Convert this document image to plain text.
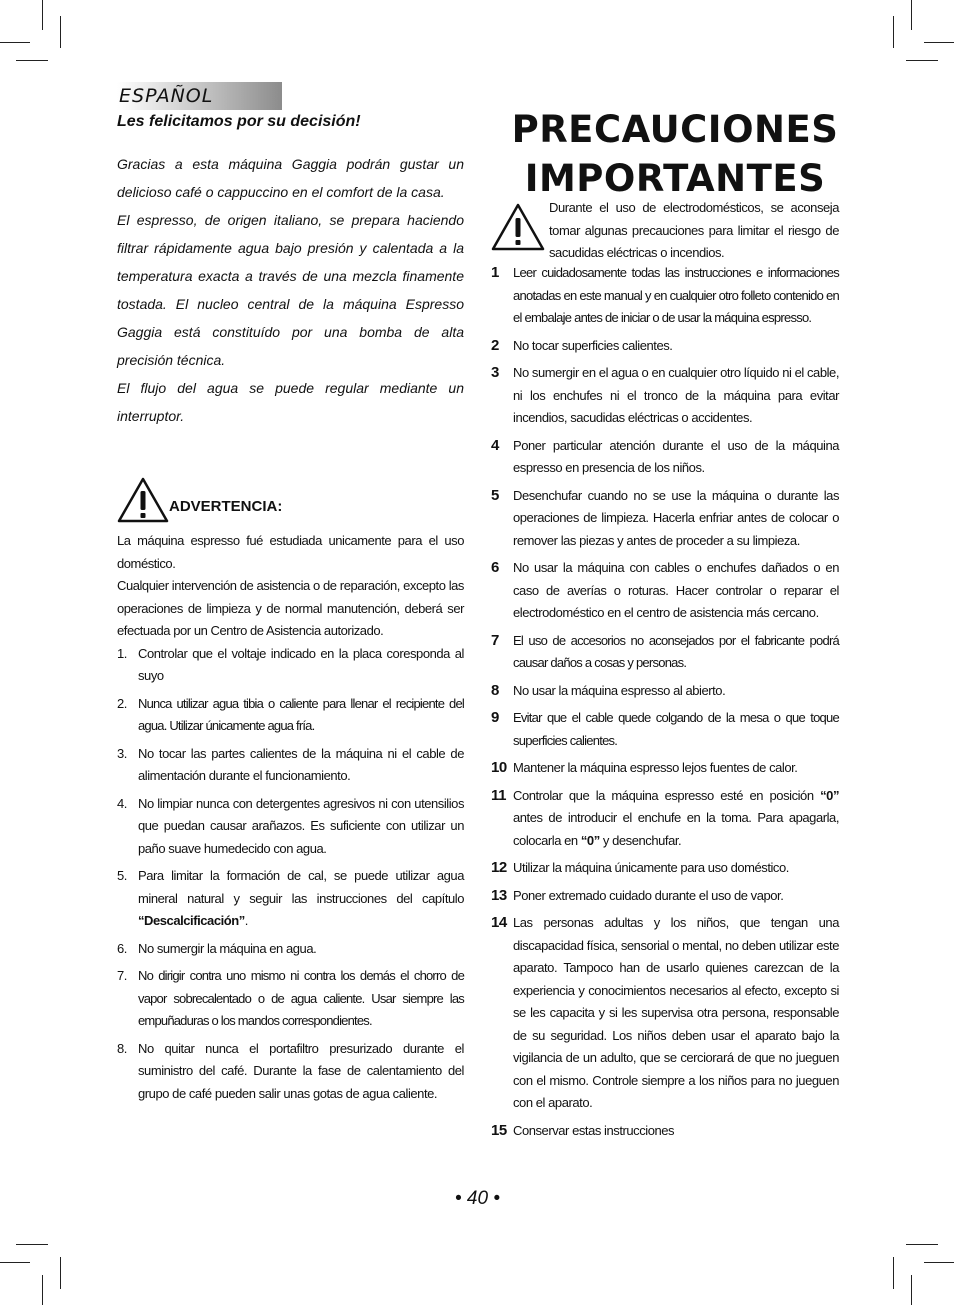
ESPAÑOL
Les felicitamos por su decisión!

Gracias a esta máquina Gaggia podrán gustar un delicioso café o cappuccino en el comfort de la casa.

El espresso, de origen italiano, se prepara haciendo filtrar rápidamente agua bajo presión y calentada a la temperatura exacta a través de una mezcla finamente tostada. El nucleo central de la máquina Espresso Gaggia está constituído por una bomba de alta precisión técnica.

El flujo del agua se puede regular mediante un interruptor.

ADVERTENCIA:

La máquina espresso fué estudiada unicamente para el uso doméstico.

Cualquier intervención de asistencia o de reparación, excepto las operaciones de limpieza y de normal manutención, deberá ser efectuada por un Centro de Asistencia autorizado.

1. Controlar que el voltaje indicado en la placa coresponda al suyo
2. Nunca utilizar agua tibia o caliente para llenar el recipiente del agua. Utilizar únicamente agua fría.
3. No tocar las partes calientes de la máquina ni el cable de alimentación durante el funcionamiento.
4. No limpiar nunca con detergentes agresivos ni con utensilios que puedan causar arañazos. Es suficiente con utilizar un paño suave humedecido con agua.
5. Para limitar la formación de cal, se puede utilizar agua mineral natural y seguir las instrucciones del capítulo “Descalcificación”.
6. No sumergir la máquina en agua.
7. No dirigir contra uno mismo ni contra los demás el chorro de vapor sobrecalentado o de agua caliente. Usar siempre las empuñaduras o los mandos correspondientes.
8. No quitar nunca el portafiltro presurizado durante el suministro del café. Durante la fase de calentamiento del grupo de café pueden salir unas gotas de agua caliente.
PRECAUCIONES
IMPORTANTES
Durante el uso de electrodomésticos, se aconseja tomar algunas precauciones para limitar el riesgo de sacudidas eléctricas o incendios.
1 Leer cuidadosamente todas las instrucciones e informaciones anotadas en este manual y en cualquier otro folleto contenido en el embalaje antes de iniciar o de usar la máquina espresso.
2 No tocar superficies calientes.
3 No sumergir en el agua o en cualquier otro líquido ni el cable, ni los enchufes ni el tronco de la máquina para evitar incendios, sacudidas eléctricas o accidentes.
4 Poner particular atención durante el uso de la máquina espresso en presencia de los niños.
5 Desenchufar cuando no se use la máquina o durante las operaciones de limpieza. Hacerla enfriar antes de colocar o remover las piezas y antes de proceder a su limpieza.
6 No usar la máquina con cables o enchufes dañados o en caso de averías o roturas. Hacer controlar o reparar el electrodoméstico en el centro de asistencia más cercano.
7 El uso de accesorios no aconsejados por el fabricante podrá causar daños a cosas y personas.
8 No usar la máquina espresso al abierto.
9 Evitar que el cable quede colgando de la mesa o que toque superficies calientes.
10 Mantener la máquina espresso lejos fuentes de calor.
11 Controlar que la máquina espresso esté en posición “0” antes de introducir el enchufe en la toma. Para apagarla, colocarla en “0” y desenchufar.
12 Utilizar la máquina únicamente para uso doméstico.
13 Poner extremado cuidado durante el uso de vapor.
14 Las personas adultas y los niños, que tengan una discapacidad física, sensorial o mental, no deben utilizar este aparato. Tampoco han de usarlo quienes carezcan de la experiencia y conocimientos necesarios al efecto, excepto si se les capacita y si les supervisa otra persona, responsable de su seguridad. Los niños deben usar el aparato bajo la vigilancia de un adulto, que se cerciorará de que no jueguen con el mismo. Controle siempre a los niños para no jueguen con el aparato.
15 Conservar estas instrucciones
• 40 •
